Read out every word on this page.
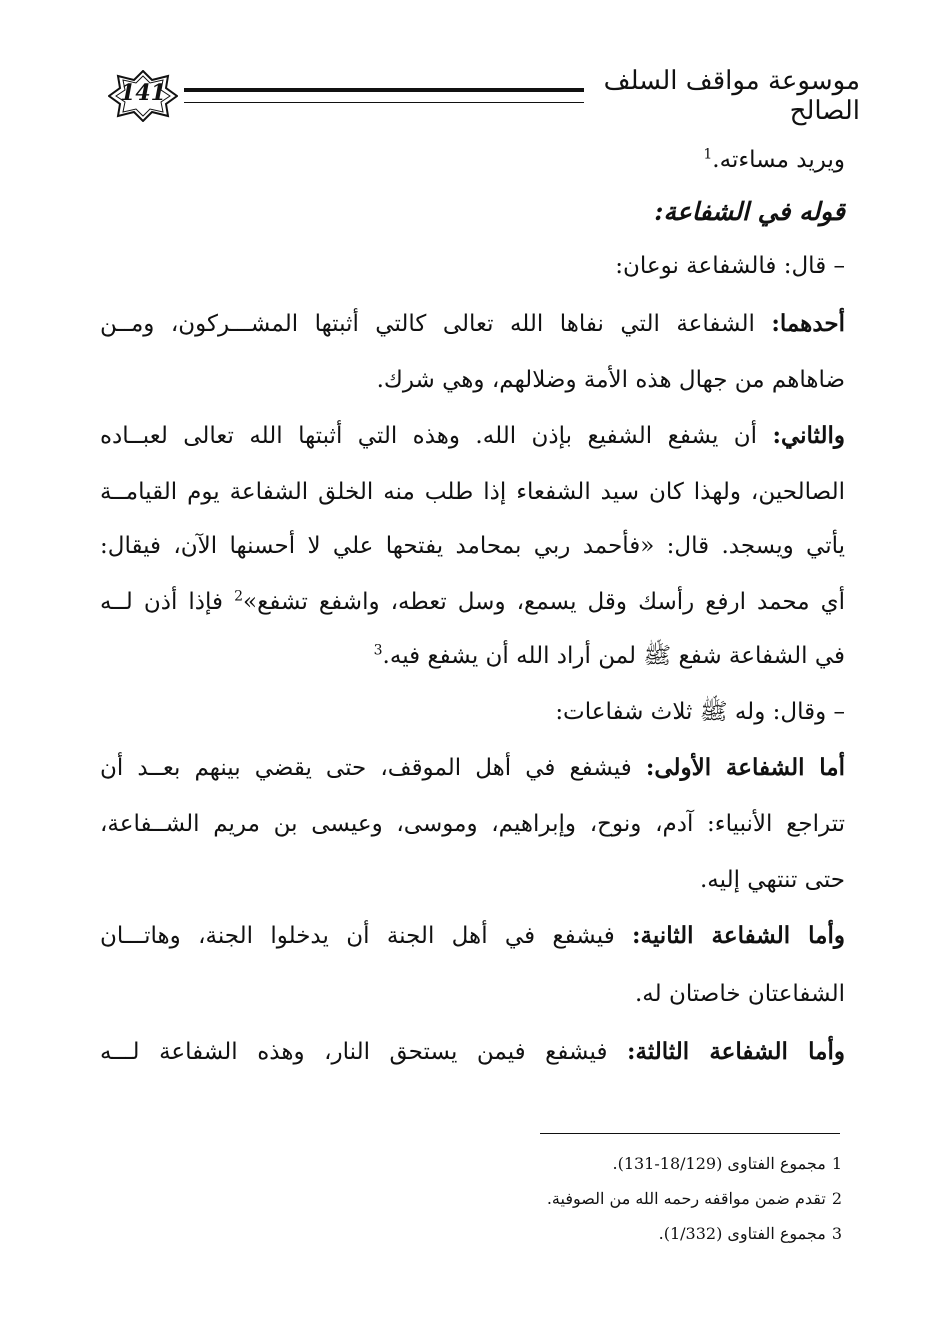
141	موسوعة مواقف السلف الصالح
ويريد مساءته.$^1$
قوله في الشفاعة:
– قال: فالشفاعة نوعان:
أحدهما: الشفاعة التي نفاها الله تعالى كالتي أثبتها المشـــركون، ومــن
ضاهاهم من جهال هذه الأمة وضلالهم، وهي شرك.
والثاني: أن يشفع الشفيع بإذن الله. وهذه التي أثبتها الله تعالى لعبــاده
الصالحين، ولهذا كان سيد الشفعاء إذا طلب منه الخلق الشفاعة يوم القيامــة
يأتي ويسجد. قال: «فأحمد ربي بمحامد يفتحها علي لا أحسنها الآن، فيقال:
أي محمد ارفع رأسك وقل يسمع، وسل تعطه، واشفع تشفع»$^2$ فإذا أذن لــه
في الشفاعة شفع ﷺ لمن أراد الله أن يشفع فيه.$^3$
– وقال: وله ﷺ ثلاث شفاعات:
أما الشفاعة الأولى: فيشفع في أهل الموقف، حتى يقضي بينهم بعــد أن
تتراجع الأنبياء: آدم، ونوح، وإبراهيم، وموسى، وعيسى بن مريم الشــفاعة،
حتى تنتهي إليه.
وأما الشفاعة الثانية: فيشفع في أهل الجنة أن يدخلوا الجنة، وهاتـــان
الشفاعتان خاصتان له.
وأما الشفاعة الثالثة: فيشفع فيمن يستحق النار، وهذه الشفاعة لـــه
1مجموع الفتاوى (18/129-131).
2تقدم ضمن مواقفه رحمه الله من الصوفية.
3مجموع الفتاوى (1/332).
